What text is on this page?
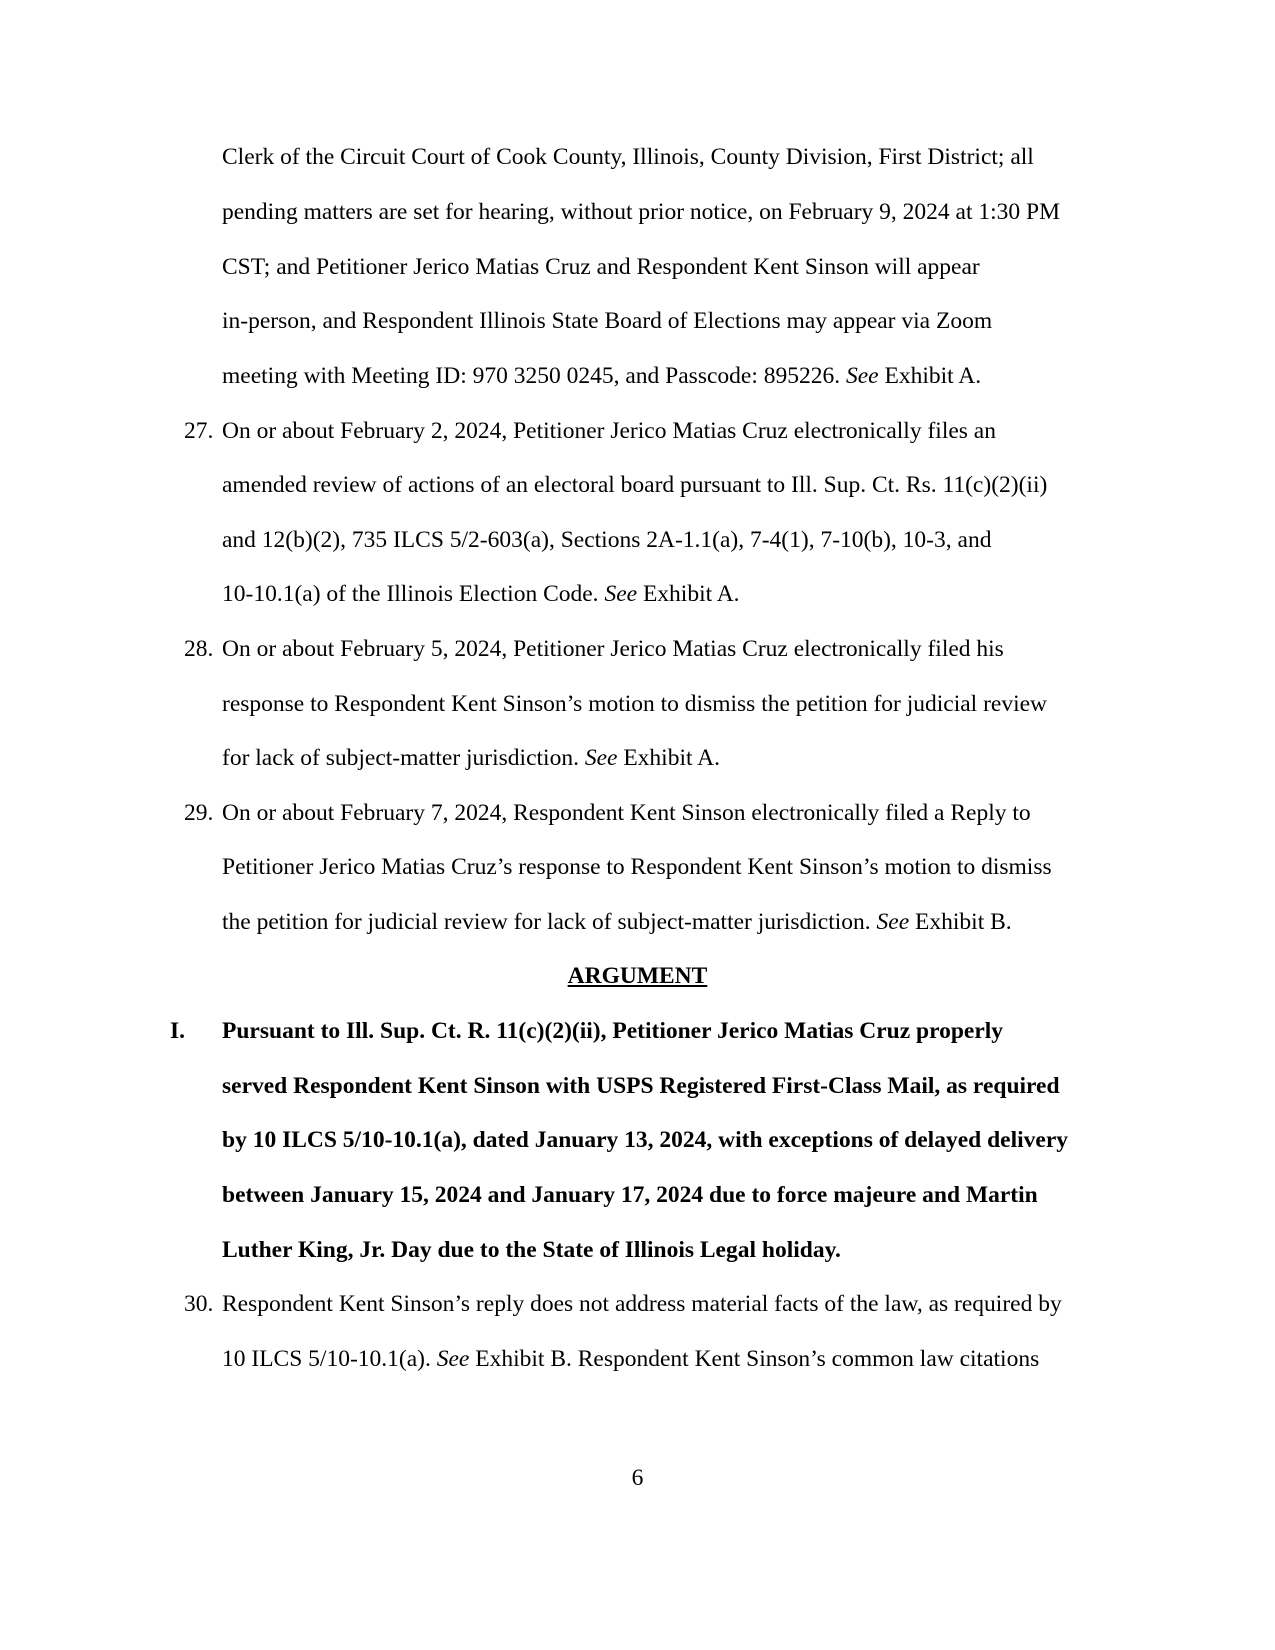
Clerk of the Circuit Court of Cook County, Illinois, County Division, First District; all
pending matters are set for hearing, without prior notice, on February 9, 2024 at 1:30 PM
CST; and Petitioner Jerico Matias Cruz and Respondent Kent Sinson will appear
in-person, and Respondent Illinois State Board of Elections may appear via Zoom
meeting with Meeting ID: 970 3250 0245, and Passcode: 895226. See Exhibit A.
27. On or about February 2, 2024, Petitioner Jerico Matias Cruz electronically files an
amended review of actions of an electoral board pursuant to Ill. Sup. Ct. Rs. 11(c)(2)(ii)
and 12(b)(2), 735 ILCS 5/2-603(a), Sections 2A-1.1(a), 7-4(1), 7-10(b), 10-3, and
10-10.1(a) of the Illinois Election Code. See Exhibit A.
28. On or about February 5, 2024, Petitioner Jerico Matias Cruz electronically filed his
response to Respondent Kent Sinson’s motion to dismiss the petition for judicial review
for lack of subject-matter jurisdiction. See Exhibit A.
29. On or about February 7, 2024, Respondent Kent Sinson electronically filed a Reply to
Petitioner Jerico Matias Cruz’s response to Respondent Kent Sinson’s motion to dismiss
the petition for judicial review for lack of subject-matter jurisdiction. See Exhibit B.
ARGUMENT
I. Pursuant to Ill. Sup. Ct. R. 11(c)(2)(ii), Petitioner Jerico Matias Cruz properly
served Respondent Kent Sinson with USPS Registered First-Class Mail, as required
by 10 ILCS 5/10-10.1(a), dated January 13, 2024, with exceptions of delayed delivery
between January 15, 2024 and January 17, 2024 due to force majeure and Martin
Luther King, Jr. Day due to the State of Illinois Legal holiday.
30. Respondent Kent Sinson’s reply does not address material facts of the law, as required by
10 ILCS 5/10-10.1(a). See Exhibit B. Respondent Kent Sinson’s common law citations
6
